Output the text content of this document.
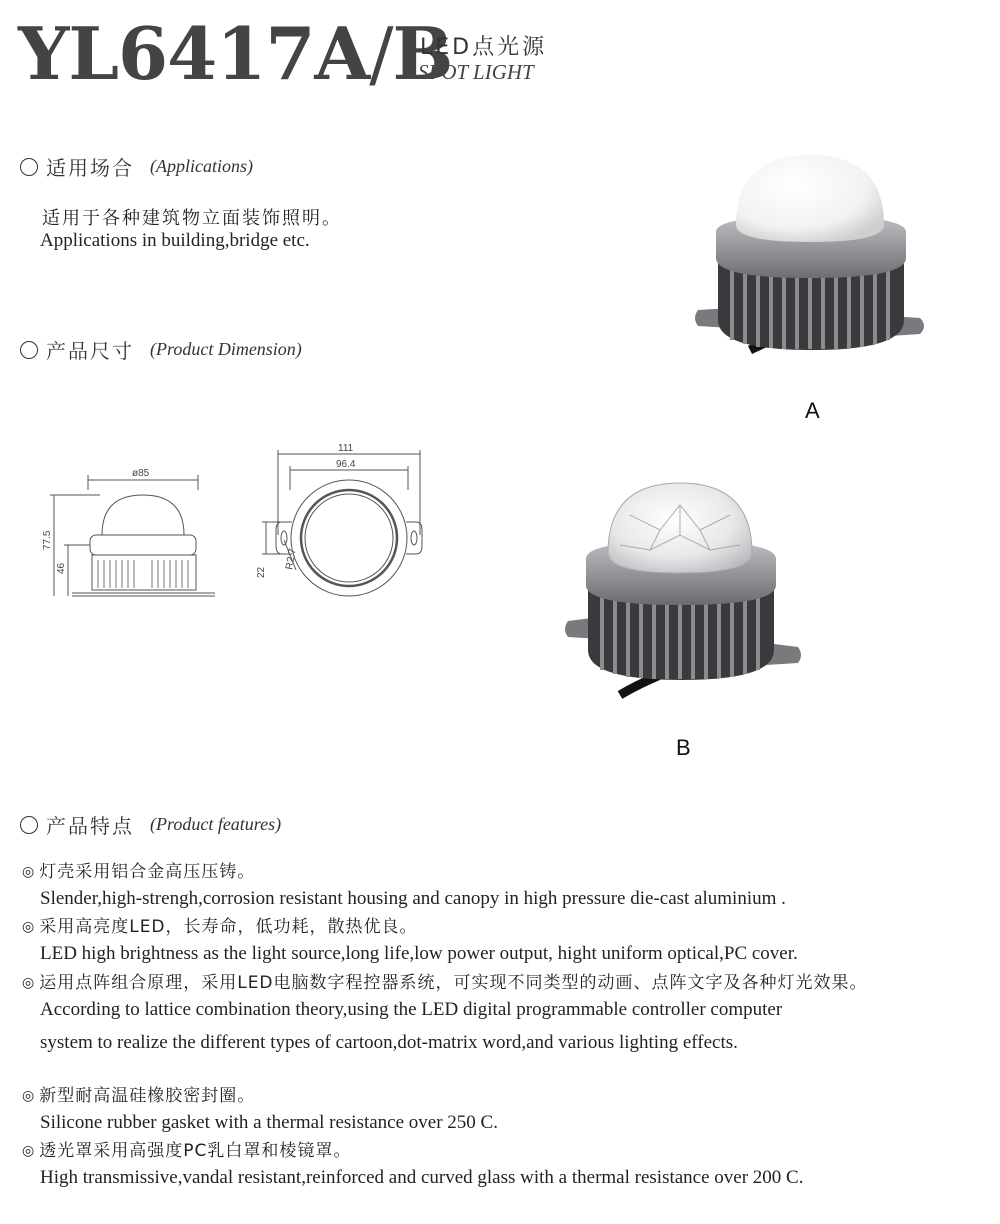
YL6417A/B
LED点光源
SPOT LIGHT
适用场合 (Applications)
适用于各种建筑物立面装饰照明。
Applications in building,bridge etc.
产品尺寸 (Product Dimension)
ø85
77.5
46
111
96.4
22
R2.7
A
B
产品特点 (Product features)
◎ 灯壳采用铝合金高压压铸。
Slender,high-strengh,corrosion resistant housing and canopy in high pressure die-cast aluminium .
◎ 采用高亮度LED，长寿命，低功耗，散热优良。
LED high brightness as the light source,long life,low power output, hight uniform optical,PC cover.
◎ 运用点阵组合原理，采用LED电脑数字程控器系统，可实现不同类型的动画、点阵文字及各种灯光效果。
According to lattice combination theory,using the LED digital programmable controller computer
system to realize the different types of cartoon,dot-matrix word,and various lighting effects.
◎ 新型耐高温硅橡胶密封圈。
Silicone rubber gasket with a thermal resistance over 250 C.
◎ 透光罩采用高强度PC乳白罩和棱镜罩。
High transmissive,vandal resistant,reinforced and curved glass with a thermal resistance over 200 C.
